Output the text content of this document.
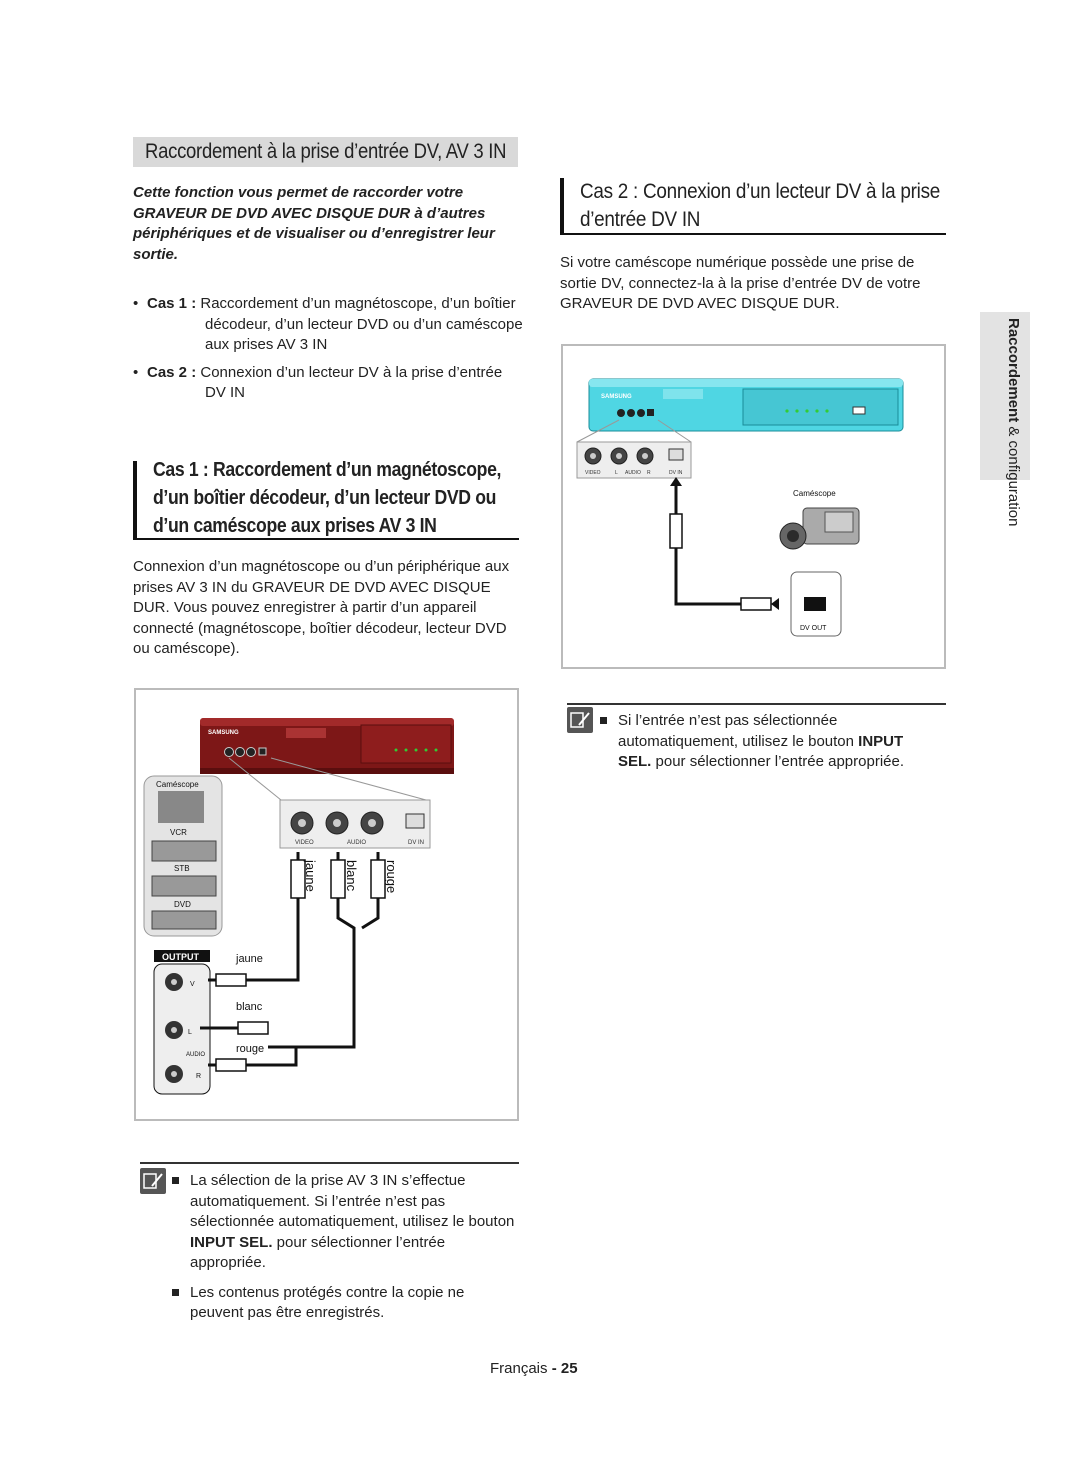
Raccordement à la prise d’entrée DV, AV 3 IN
Cette fonction vous permet de raccorder votre GRAVEUR DE DVD AVEC DISQUE DUR à d’autres périphériques et de visualiser ou d’enregistrer leur sortie.
• Cas 1 : Raccordement d’un magnétoscope, d’un boîtier décodeur, d’un lecteur DVD ou d’un caméscope aux prises AV 3 IN
• Cas 2 : Connexion d’un lecteur DV à la prise d’entrée DV IN
Cas 1 : Raccordement d’un magnétoscope, d’un boîtier décodeur, d’un lecteur DVD ou d’un caméscope aux prises AV 3 IN
Connexion d’un magnétoscope ou d’un périphérique aux prises AV 3 IN du GRAVEUR DE DVD AVEC DISQUE DUR. Vous pouvez enregistrer à partir d’un appareil connecté (magnétoscope, boîtier décodeur, lecteur DVD ou caméscope).
SAMSUNG
VIDEO	AUDIO	DV IN
jaune blanc rouge
Caméscope
VCR
STB
DVD
OUTPUT
V
L
AUDIO
R
jaune
blanc
rouge
La sélection de la prise AV 3 IN s’effectue automatiquement. Si l’entrée n’est pas sélectionnée automatiquement, utilisez le bouton INPUT SEL. pour sélectionner l’entrée appropriée.
Les contenus protégés contre la copie ne peuvent pas être enregistrés.
Cas 2 : Connexion d’un lecteur DV à la prise d’entrée DV IN
Si votre caméscope numérique possède une prise de sortie DV, connectez-la à la prise d’entrée DV de votre GRAVEUR DE DVD AVEC DISQUE DUR.
SAMSUNG
VIDEO	L AUDIO R	DV IN
Caméscope
DV OUT
Si l’entrée n’est pas sélectionnée automatiquement, utilisez le bouton INPUT SEL. pour sélectionner l’entrée appropriée.
Raccordement & configuration
Français - 25
